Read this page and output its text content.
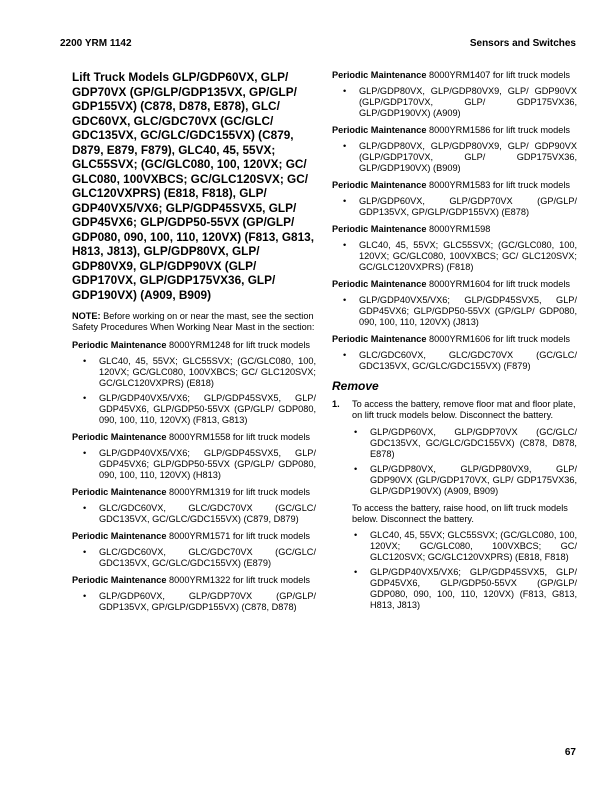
2200 YRM 1142	Sensors and Switches
Lift Truck Models GLP/GDP60VX, GLP/ GDP70VX (GP/GLP/GDP135VX, GP/GLP/ GDP155VX) (C878, D878, E878), GLC/ GDC60VX, GLC/GDC70VX (GC/GLC/ GDC135VX, GC/GLC/GDC155VX) (C879, D879, E879, F879), GLC40, 45, 55VX; GLC55SVX; (GC/GLC080, 100, 120VX; GC/ GLC080, 100VXBCS; GC/GLC120SVX; GC/ GLC120VXPRS) (E818, F818), GLP/ GDP40VX5/VX6; GLP/GDP45SVX5, GLP/ GDP45VX6; GLP/GDP50-55VX (GP/GLP/ GDP080, 090, 100, 110, 120VX) (F813, G813, H813, J813), GLP/GDP80VX, GLP/ GDP80VX9, GLP/GDP90VX (GLP/ GDP170VX, GLP/GDP175VX36, GLP/ GDP190VX) (A909, B909)
NOTE: Before working on or near the mast, see the section Safety Procedures When Working Near Mast in the section:
Periodic Maintenance 8000YRM1248 for lift truck models
• GLC40, 45, 55VX; GLC55SVX; (GC/GLC080, 100, 120VX; GC/GLC080, 100VXBCS; GC/ GLC120SVX; GC/GLC120VXPRS) (E818)
• GLP/GDP40VX5/VX6; GLP/GDP45SVX5, GLP/ GDP45VX6, GLP/GDP50-55VX (GP/GLP/ GDP080, 090, 100, 110, 120VX) (F813, G813)
Periodic Maintenance 8000YRM1558 for lift truck models
• GLP/GDP40VX5/VX6; GLP/GDP45SVX5, GLP/ GDP45VX6; GLP/GDP50-55VX (GP/GLP/ GDP080, 090, 100, 110, 120VX) (H813)
Periodic Maintenance 8000YRM1319 for lift truck models
• GLC/GDC60VX, GLC/GDC70VX (GC/GLC/ GDC135VX, GC/GLC/GDC155VX) (C879, D879)
Periodic Maintenance 8000YRM1571 for lift truck models
• GLC/GDC60VX, GLC/GDC70VX (GC/GLC/ GDC135VX, GC/GLC/GDC155VX) (E879)
Periodic Maintenance 8000YRM1322 for lift truck models
• GLP/GDP60VX, GLP/GDP70VX (GP/GLP/ GDP135VX, GP/GLP/GDP155VX) (C878, D878)
Periodic Maintenance 8000YRM1407 for lift truck models
• GLP/GDP80VX, GLP/GDP80VX9, GLP/ GDP90VX (GLP/GDP170VX, GLP/ GDP175VX36, GLP/GDP190VX) (A909)
Periodic Maintenance 8000YRM1586 for lift truck models
• GLP/GDP80VX, GLP/GDP80VX9, GLP/ GDP90VX (GLP/GDP170VX, GLP/ GDP175VX36, GLP/GDP190VX) (B909)
Periodic Maintenance 8000YRM1583 for lift truck models
• GLP/GDP60VX, GLP/GDP70VX (GP/GLP/ GDP135VX, GP/GLP/GDP155VX) (E878)
Periodic Maintenance 8000YRM1598
• GLC40, 45, 55VX; GLC55SVX; (GC/GLC080, 100, 120VX; GC/GLC080, 100VXBCS; GC/ GLC120SVX; GC/GLC120VXPRS) (F818)
Periodic Maintenance 8000YRM1604 for lift truck models
• GLP/GDP40VX5/VX6; GLP/GDP45SVX5, GLP/ GDP45VX6; GLP/GDP50-55VX (GP/GLP/ GDP080, 090, 100, 110, 120VX) (J813)
Periodic Maintenance 8000YRM1606 for lift truck models
• GLC/GDC60VX, GLC/GDC70VX (GC/GLC/ GDC135VX, GC/GLC/GDC155VX) (F879)
Remove
1. To access the battery, remove floor mat and floor plate, on lift truck models below. Disconnect the battery.
• GLP/GDP60VX, GLP/GDP70VX (GC/GLC/ GDC135VX, GC/GLC/GDC155VX) (C878, D878, E878)
• GLP/GDP80VX, GLP/GDP80VX9, GLP/ GDP90VX (GLP/GDP170VX, GLP/ GDP175VX36, GLP/GDP190VX) (A909, B909)
To access the battery, raise hood, on lift truck models below. Disconnect the battery.
• GLC40, 45, 55VX; GLC55SVX; (GC/GLC080, 100, 120VX; GC/GLC080, 100VXBCS; GC/ GLC120SVX; GC/GLC120VXPRS) (E818, F818)
• GLP/GDP40VX5/VX6; GLP/GDP45SVX5, GLP/ GDP45VX6, GLP/GDP50-55VX (GP/GLP/ GDP080, 090, 100, 110, 120VX) (F813, G813, H813, J813)
67
